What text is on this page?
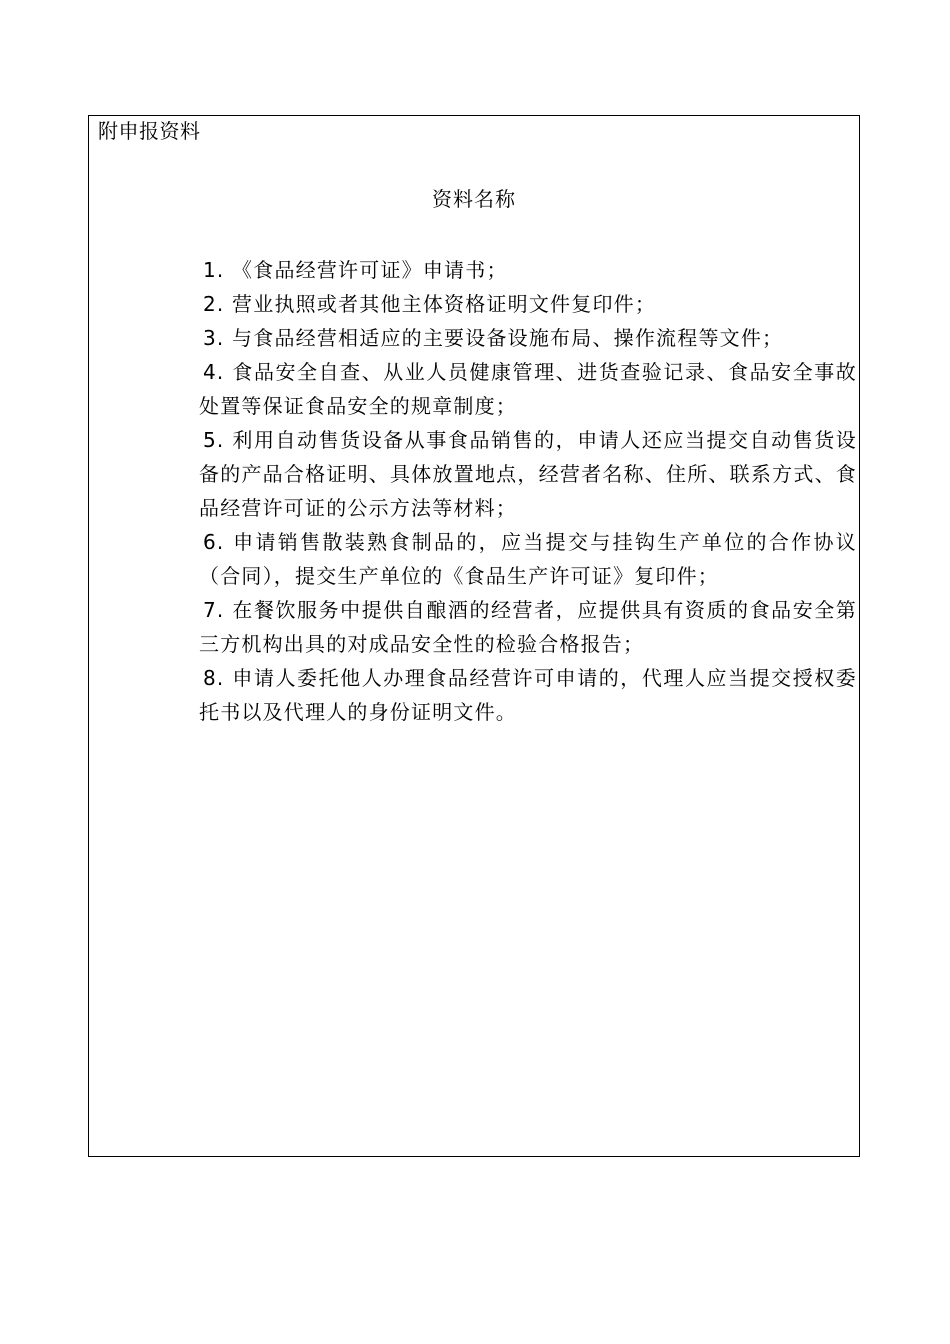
附申报资料
资料名称
1. 《食品经营许可证》申请书；
2. 营业执照或者其他主体资格证明文件复印件；
3. 与食品经营相适应的主要设备设施布局、操作流程等文件；
4. 食品安全自查、从业人员健康管理、进货查验记录、食品安全事故处置等保证食品安全的规章制度；
5. 利用自动售货设备从事食品销售的，申请人还应当提交自动售货设备的产品合格证明、具体放置地点，经营者名称、住所、联系方式、食品经营许可证的公示方法等材料；
6. 申请销售散装熟食制品的，应当提交与挂钩生产单位的合作协议（合同），提交生产单位的《食品生产许可证》复印件；
7. 在餐饮服务中提供自酿酒的经营者，应提供具有资质的食品安全第三方机构出具的对成品安全性的检验合格报告；
8. 申请人委托他人办理食品经营许可申请的，代理人应当提交授权委托书以及代理人的身份证明文件。
